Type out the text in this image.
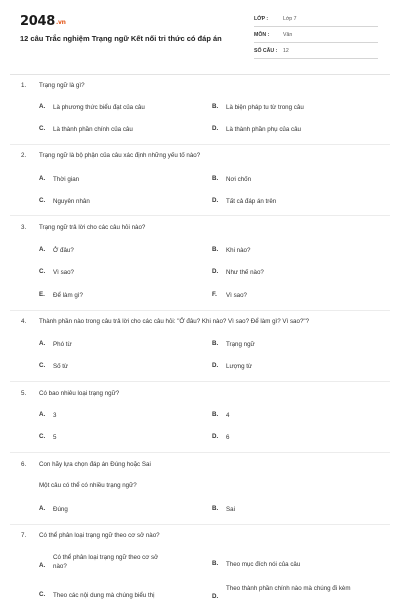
2048.vn
12 câu Trắc nghiệm Trạng ngữ Kết nối tri thức có đáp án
LỚP :	Lớp 7
MÔN :	Văn
SỐ CÂU : 12
1. Trạng ngữ là gì?
A. Là phương thức biểu đạt của câu	B. Là biện pháp tu từ trong câu
C. Là thành phần chính của câu	D. Là thành phần phụ của câu
2. Trạng ngữ là bộ phận của câu xác định những yếu tố nào?
A. Thời gian	B. Nơi chốn
C. Nguyên nhân	D. Tất cả đáp án trên
3. Trạng ngữ trả lời cho các câu hỏi nào?
A. Ở đâu?	B. Khi nào?
C. Vì sao?	D. Như thế nào?
E. Để làm gì?	F. Vì sao?
4. Thành phần nào trong câu trả lời cho các câu hỏi: "Ở đâu? Khi nào? Vì sao? Để làm gì? Vì sao?"?
A. Phó từ	B. Trạng ngữ
C. Số từ	D. Lượng từ
5. Có bao nhiêu loại trạng ngữ?
A. 3	B. 4
C. 5	D. 6
6. Con hãy lựa chọn đáp án Đúng hoặc Sai
Một câu có thể có nhiều trạng ngữ?
A. Đúng	B. Sai
7. Có thể phân loại trạng ngữ theo cơ sở nào?
A.
Có thể phân loại trạng ngữ theo cơ sở nào?	B. Theo mục đích nói của câu
C. Theo các nội dung mà chúng biểu thị	D.
Theo thành phần chính nào mà chúng đi kèm
